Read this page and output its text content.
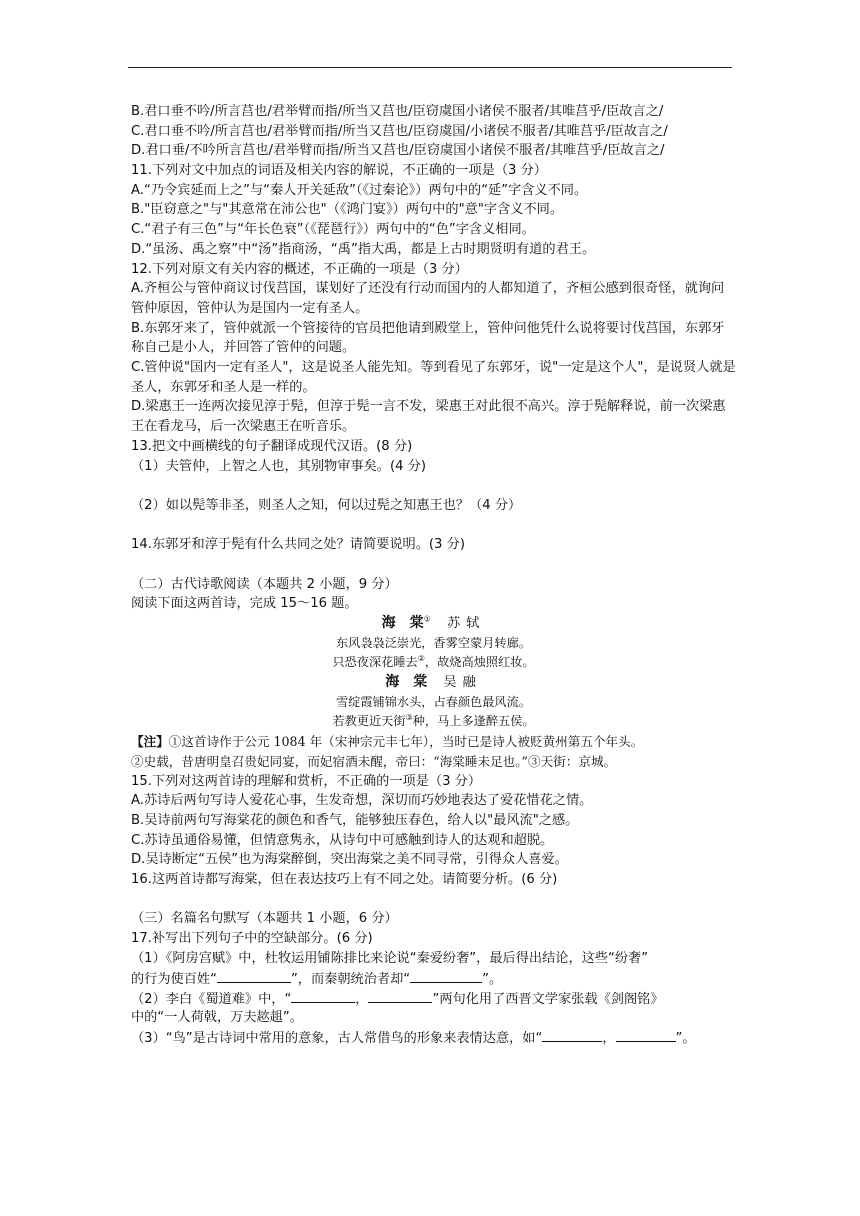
B.君口垂不吟/所言莒也/君举臂而指/所当又莒也/臣窃虞国小诸侯不服者/其唯莒乎/臣故言之/
C.君口垂不吟/所言莒也/君举臂而指/所当又莒也/臣窃虞国/小诸侯不服者/其唯莒乎/臣故言之/
D.君口垂/不吟所言莒也/君举臂而指/所当又莒也/臣窃虞国小诸侯不服者/其唯莒乎/臣故言之/
11.下列对文中加点的词语及相关内容的解说，不正确的一项是（3 分）
A.“乃令宾延而上之”与“秦人开关延敌”（《过秦论》）两句中的“延”字含义不同。
B."臣窃意之"与"其意常在沛公也"（《鸿门宴》）两句中的"意"字含义不同。
C.“君子有三色”与“年长色衰”（《琵琶行》）两句中的“色”字含义相同。
D.“虽汤、禹之察”中“汤”指商汤，“禹”指大禹，都是上古时期贤明有道的君王。
12.下列对原文有关内容的概述，不正确的一项是（3 分）
A.齐桓公与管仲商议讨伐莒国，谋划好了还没有行动而国内的人都知道了，齐桓公感到很奇怪，就询问管仲原因，管仲认为是国内一定有圣人。
B.东郭牙来了，管仲就派一个管接待的官员把他请到殿堂上，管仲问他凭什么说将要讨伐莒国，东郭牙称自己是小人，并回答了管仲的问题。
C.管仲说"国内一定有圣人"，这是说圣人能先知。等到看见了东郭牙，说"一定是这个人"，是说贤人就是圣人，东郭牙和圣人是一样的。
D.梁惠王一连两次接见淳于髡，但淳于髡一言不发，梁惠王对此很不高兴。淳于髡解释说，前一次梁惠王在看龙马，后一次梁惠王在听音乐。
13.把文中画横线的句子翻译成现代汉语。(8 分)
（1）夫管仲，上智之人也，其别物审事矣。(4 分)
（2）如以髡等非圣，则圣人之知，何以过髡之知惠王也？（4 分）
14.东郭牙和淳于髡有什么共同之处？请简要说明。(3 分)
（二）古代诗歌阅读（本题共 2 小题，9 分）
阅读下面这两首诗，完成 15～16 题。
海　棠① 苏轼
东风袅袅泛崇光，香雾空蒙月转廊。
只恐夜深花睡去②，故烧高烛照红妆。
海　棠 吴融
雪绽霞铺锦水头，占春颜色最风流。
若教更近天街③种，马上多逢醉五侯。
【注】①这首诗作于公元 1084 年（宋神宗元丰七年），当时已是诗人被贬黄州第五个年头。
②史载，昔唐明皇召贵妃同宴，而妃宿酒未醒，帝曰：“海棠睡未足也。”③天街：京城。
15.下列对这两首诗的理解和赏析，不正确的一项是（3 分）
A.苏诗后两句写诗人爱花心事，生发奇想，深切而巧妙地表达了爱花惜花之情。
B.吴诗前两句写海棠花的颜色和香气，能够独压春色，给人以"最风流"之感。
C.苏诗虽通俗易懂，但情意隽永，从诗句中可感触到诗人的达观和超脱。
D.吴诗断定“五侯”也为海棠醉倒，突出海棠之美不同寻常，引得众人喜爱。
16.这两首诗都写海棠，但在表达技巧上有不同之处。请简要分析。(6 分)
（三）名篇名句默写（本题共 1 小题，6 分）
17.补写出下列句子中的空缺部分。(6 分)
（1）《阿房宫赋》中，杜牧运用铺陈排比来论说“秦爱纷奢”，最后得出结论，这些“纷奢”
的行为使百姓“	”，而秦朝统治者却“	”。
（2）李白《蜀道难》中，“	，	”两句化用了西晋文学家张载《剑阁铭》
中的“一人荷戟，万夫趑趄”。
（3）“鸟”是古诗词中常用的意象，古人常借鸟的形象来表情达意，如“	，	”。
